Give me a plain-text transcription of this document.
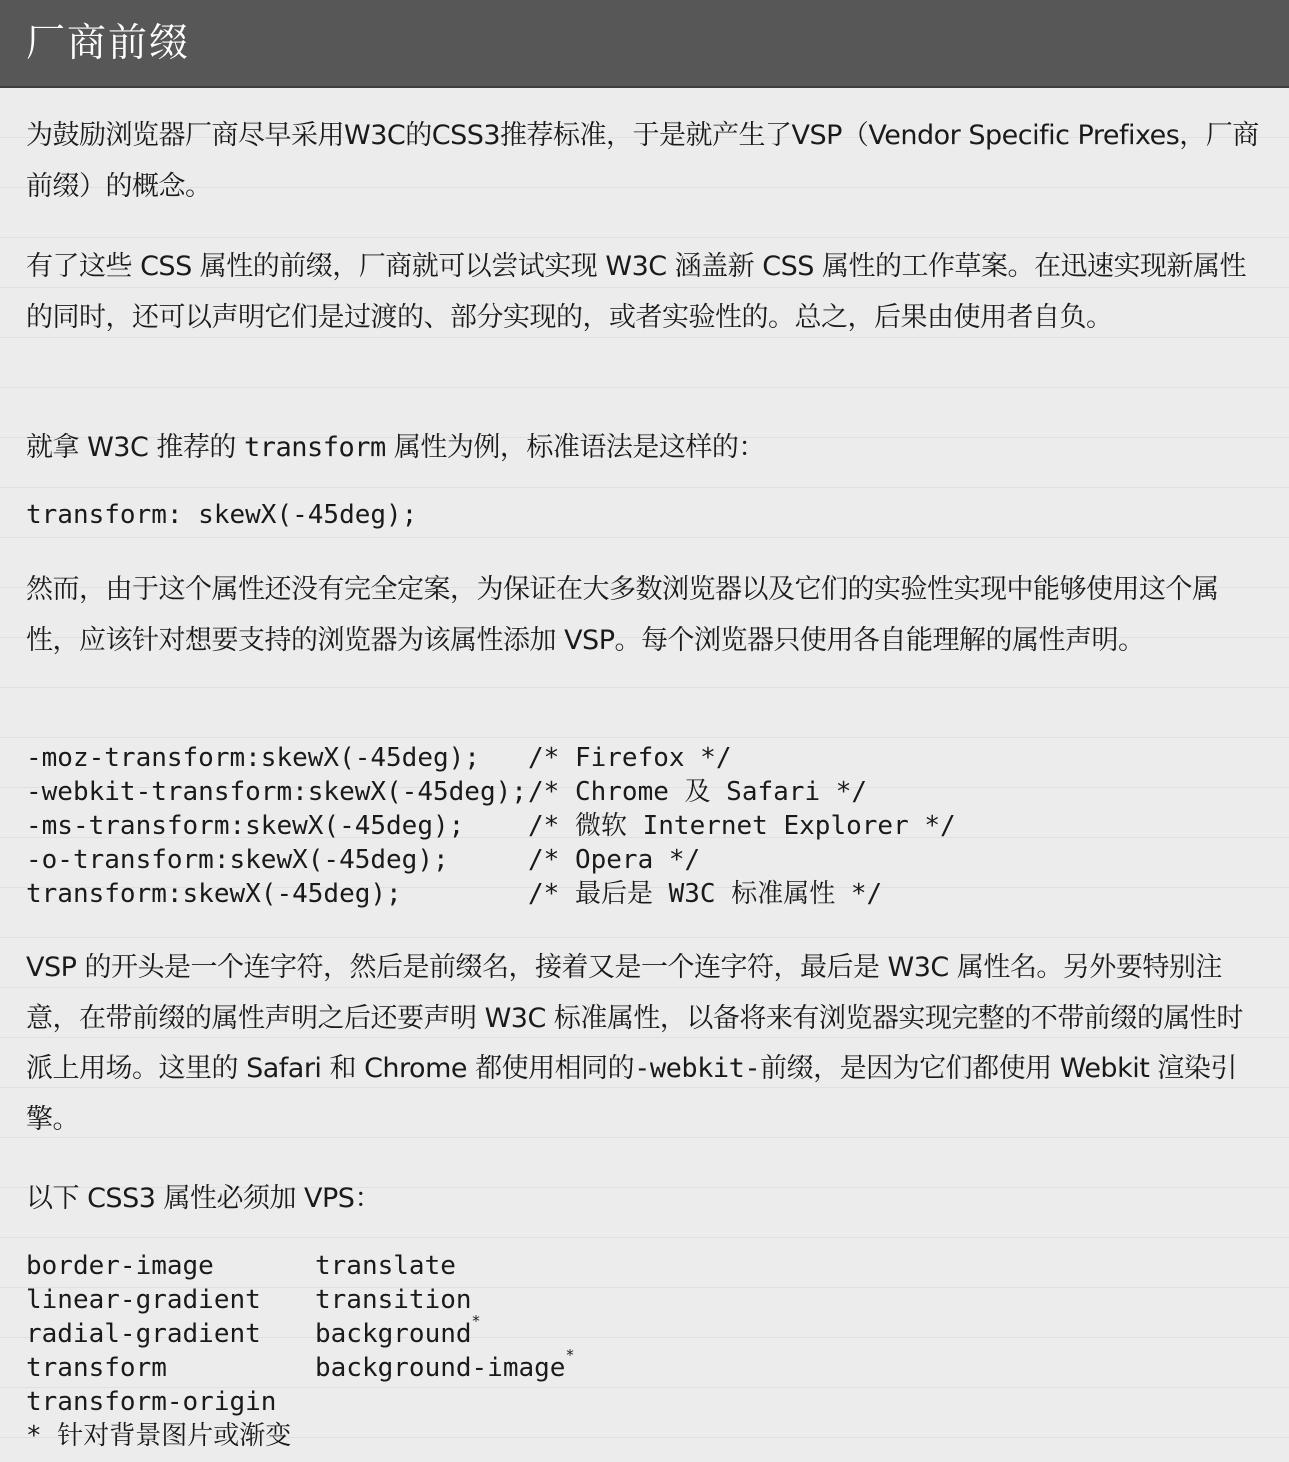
厂商前缀

为鼓励浏览器厂商尽早采用W3C的CSS3推荐标准，于是就产生了VSP（Vendor Specific Prefixes，厂商前缀）的概念。

有了这些 CSS 属性的前缀，厂商就可以尝试实现 W3C 涵盖新 CSS 属性的工作草案。在迅速实现新属性的同时，还可以声明它们是过渡的、部分实现的，或者实验性的。总之，后果由使用者自负。

就拿 W3C 推荐的 transform 属性为例，标准语法是这样的：

transform: skewX(-45deg);

然而，由于这个属性还没有完全定案，为保证在大多数浏览器以及它们的实验性实现中能够使用这个属性，应该针对想要支持的浏览器为该属性添加 VSP。每个浏览器只使用各自能理解的属性声明。

-moz-transform:skewX(-45deg);	/* Firefox */
-webkit-transform:skewX(-45deg); /* Chrome 及 Safari */
-ms-transform:skewX(-45deg);	/* 微软 Internet Explorer */
-o-transform:skewX(-45deg);	/* Opera */
transform:skewX(-45deg);	/* 最后是 W3C 标准属性 */

VSP 的开头是一个连字符，然后是前缀名，接着又是一个连字符，最后是 W3C 属性名。另外要特别注意，在带前缀的属性声明之后还要声明 W3C 标准属性，以备将来有浏览器实现完整的不带前缀的属性时派上用场。这里的 Safari 和 Chrome 都使用相同的-webkit-前缀，是因为它们都使用 Webkit 渲染引擎。

以下 CSS3 属性必须加 VPS：

border-image	translate
linear-gradient	transition
radial-gradient	background*
transform	background-image*
transform-origin
* 针对背景图片或渐变
